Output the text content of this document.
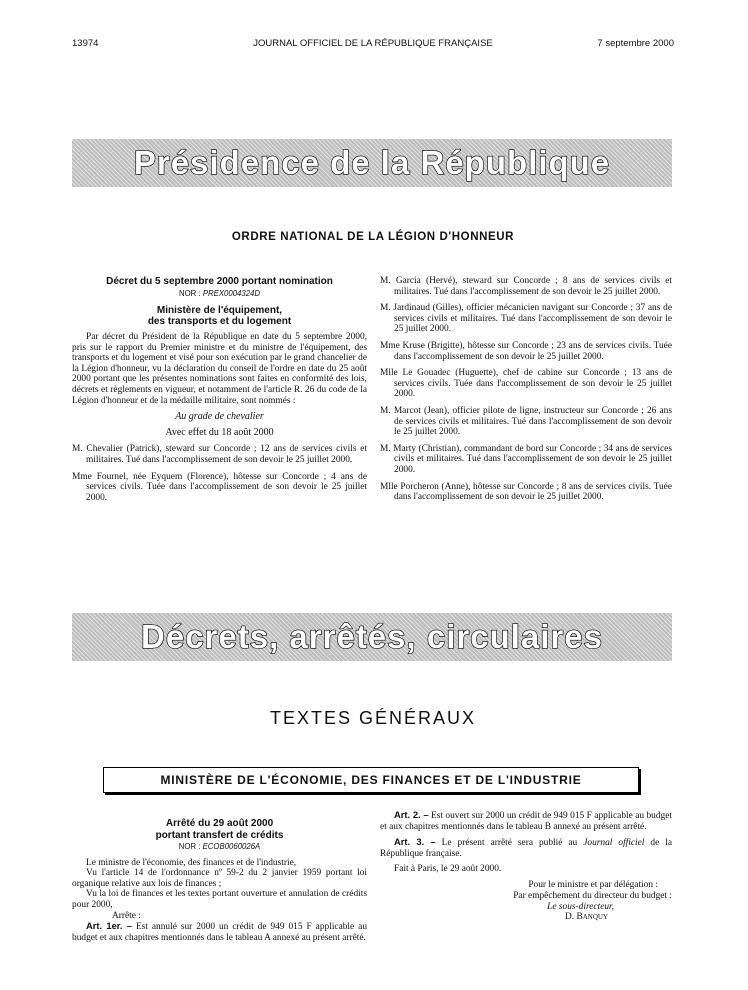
13974	JOURNAL OFFICIEL DE LA RÉPUBLIQUE FRANÇAISE	7 septembre 2000
Présidence de la République
ORDRE NATIONAL DE LA LÉGION D'HONNEUR
Décret du 5 septembre 2000 portant nomination
NOR : PREX0004324D
Ministère de l'équipement,
des transports et du logement

Par décret du Président de la République en date du 5 septembre 2000, pris sur le rapport du Premier ministre et du ministre de l'équipement, des transports et du logement et visé pour son exécution par le grand chancelier de la Légion d'honneur, vu la déclaration du conseil de l'ordre en date du 25 août 2000 portant que les présentes nominations sont faites en conformité des lois, décrets et règlements en vigueur, et notamment de l'article R. 26 du code de la Légion d'honneur et de la médaille militaire, sont nommés :

Au grade de chevalier

Avec effet du 18 août 2000

M. Chevalier (Patrick), steward sur Concorde ; 12 ans de services civils et militaires. Tué dans l'accomplissement de son devoir le 25 juillet 2000.

Mme Fournel, née Eyquem (Florence), hôtesse sur Concorde ; 4 ans de services civils. Tuée dans l'accomplissement de son devoir le 25 juillet 2000.

M. Garcia (Hervé), steward sur Concorde ; 8 ans de services civils et militaires. Tué dans l'accomplissement de son devoir le 25 juillet 2000.

M. Jardinaud (Gilles), officier mécanicien navigant sur Concorde ; 37 ans de services civils et militaires. Tué dans l'accomplissement de son devoir le 25 juillet 2000.

Mme Kruse (Brigitte), hôtesse sur Concorde ; 23 ans de services civils. Tuée dans l'accomplissement de son devoir le 25 juillet 2000.

Mlle Le Gouadec (Huguette), chef de cabine sur Concorde ; 13 ans de services civils. Tuée dans l'accomplissement de son devoir le 25 juillet 2000.

M. Marcot (Jean), officier pilote de ligne, instructeur sur Concorde ; 26 ans de services civils et militaires. Tué dans l'accomplissement de son devoir le 25 juillet 2000.

M. Marty (Christian), commandant de bord sur Concorde ; 34 ans de services civils et militaires. Tué dans l'accomplissement de son devoir le 25 juillet 2000.

Mlle Porcheron (Anne), hôtesse sur Concorde ; 8 ans de services civils. Tuée dans l'accomplissement de son devoir le 25 juillet 2000.

Décrets, arrêtés, circulaires
TEXTES GÉNÉRAUX
MINISTÈRE DE L'ÉCONOMIE, DES FINANCES ET DE L'INDUSTRIE
Arrêté du 29 août 2000
portant transfert de crédits
NOR : ECOB0060026A

Le ministre de l'économie, des finances et de l'industrie,

Vu l'article 14 de l'ordonnance nº 59-2 du 2 janvier 1959 portant loi organique relative aux lois de finances ;

Vu la loi de finances et les textes portant ouverture et annulation de crédits pour 2000,

Arrête :

Art. 1er. – Est annulé sur 2000 un crédit de 949 015 F applicable au budget et aux chapitres mentionnés dans le tableau A annexé au présent arrêté.

Art. 2. – Est ouvert sur 2000 un crédit de 949 015 F applicable au budget et aux chapitres mentionnés dans le tableau B annexé au présent arrêté.

Art. 3. – Le présent arrêté sera publié au Journal officiel de la République française.

Fait à Paris, le 29 août 2000.

Pour le ministre et par délégation :
Par empêchement du directeur du budget :
Le sous-directeur,
D. Banquy
